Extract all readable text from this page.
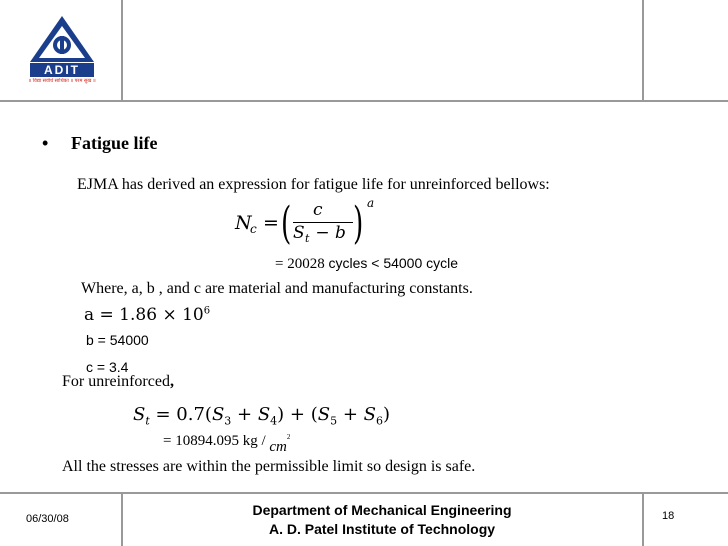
ADIT
॥ विद्या सर्वार्थ साधिका ॥ परम सुख ॥
• Fatigue life
EJMA has derived an expression for fatigue life for unreinforced bellows:
N
c = ( c
S t − b ) a
= 20028 cycles < 54000 cycle
Where, a, b , and c are material and manufacturing constants.
$a = 1.86 \times 10^6$
b = 54000
c = 3.4
For unreinforced,
$S_t = 0.7(S_3 + S_4) + (S_5 + S_6)$
= 10894.095 kg / $cm^2$
All the stresses are within the permissible limit so design is safe.
06/30/08
Department of Mechanical Engineering
A. D. Patel Institute of Technology
18
